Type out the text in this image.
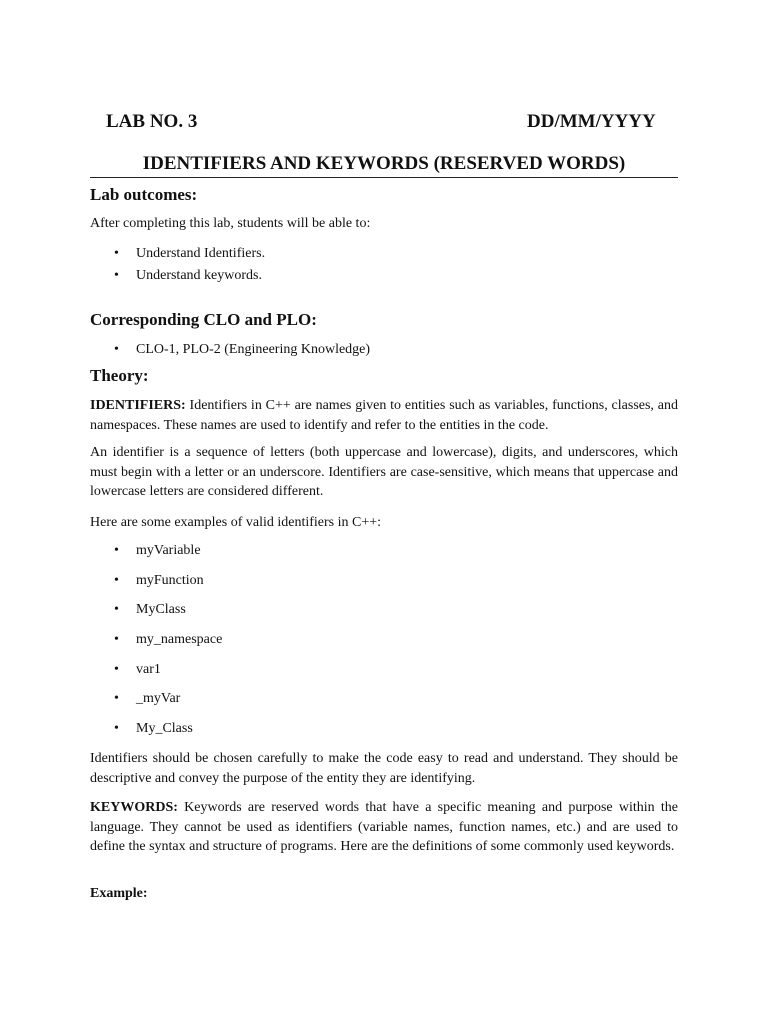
LAB NO. 3	DD/MM/YYYY
IDENTIFIERS AND KEYWORDS (RESERVED WORDS)
Lab outcomes:
After completing this lab, students will be able to:
• Understand Identifiers.
• Understand keywords.
Corresponding CLO and PLO:
• CLO-1, PLO-2 (Engineering Knowledge)
Theory:

IDENTIFIERS: Identifiers in C++ are names given to entities such as variables, functions, classes, and namespaces. These names are used to identify and refer to the entities in the code.

An identifier is a sequence of letters (both uppercase and lowercase), digits, and underscores, which must begin with a letter or an underscore. Identifiers are case-sensitive, which means that uppercase and lowercase letters are considered different.

Here are some examples of valid identifiers in C++:

• myVariable
• myFunction
• MyClass
• my_namespace
• var1
• _myVar
• My_Class

Identifiers should be chosen carefully to make the code easy to read and understand. They should be descriptive and convey the purpose of the entity they are identifying.

KEYWORDS: Keywords are reserved words that have a specific meaning and purpose within the language. They cannot be used as identifiers (variable names, function names, etc.) and are used to define the syntax and structure of programs. Here are the definitions of some commonly used keywords.

Example:
